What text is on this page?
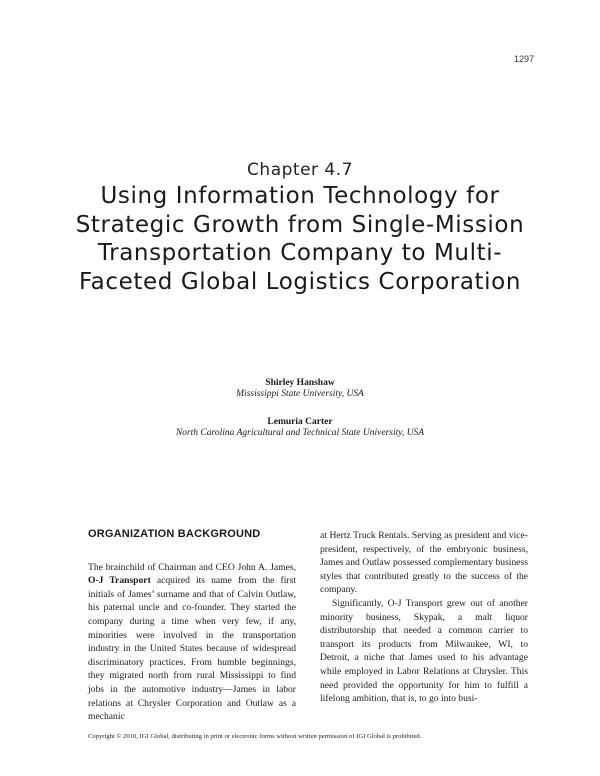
1297
Chapter 4.7
Using Information Technology for Strategic Growth from Single-Mission Transportation Company to Multi-Faceted Global Logistics Corporation
Shirley Hanshaw
Mississippi State University, USA
Lemuria Carter
North Carolina Agricultural and Technical State University, USA
ORGANIZATION BACKGROUND

The brainchild of Chairman and CEO John A. James, O-J Transport acquired its name from the first initials of James’ surname and that of Calvin Outlaw, his paternal uncle and co-founder. They started the company during a time when very few, if any, minorities were involved in the transportation industry in the United States because of widespread discriminatory practices. From humble beginnings, they migrated north from rural Mississippi to find jobs in the automotive industry—James in labor relations at Chrysler Corporation and Outlaw as a mechanic

at Hertz Truck Rentals. Serving as president and vice-president, respectively, of the embryonic business, James and Outlaw possessed complementary business styles that contributed greatly to the success of the company.

Significantly, O-J Transport grew out of another minority business, Skypak, a malt liquor distributorship that needed a common carrier to transport its products from Milwaukee, WI, to Detroit, a niche that James used to his advantage while employed in Labor Relations at Chrysler. This need provided the opportunity for him to fulfill a lifelong ambition, that is, to go into busi-

Copyright © 2010, IGI Global, distributing in print or electronic forms without written permission of IGI Global is prohibited.
